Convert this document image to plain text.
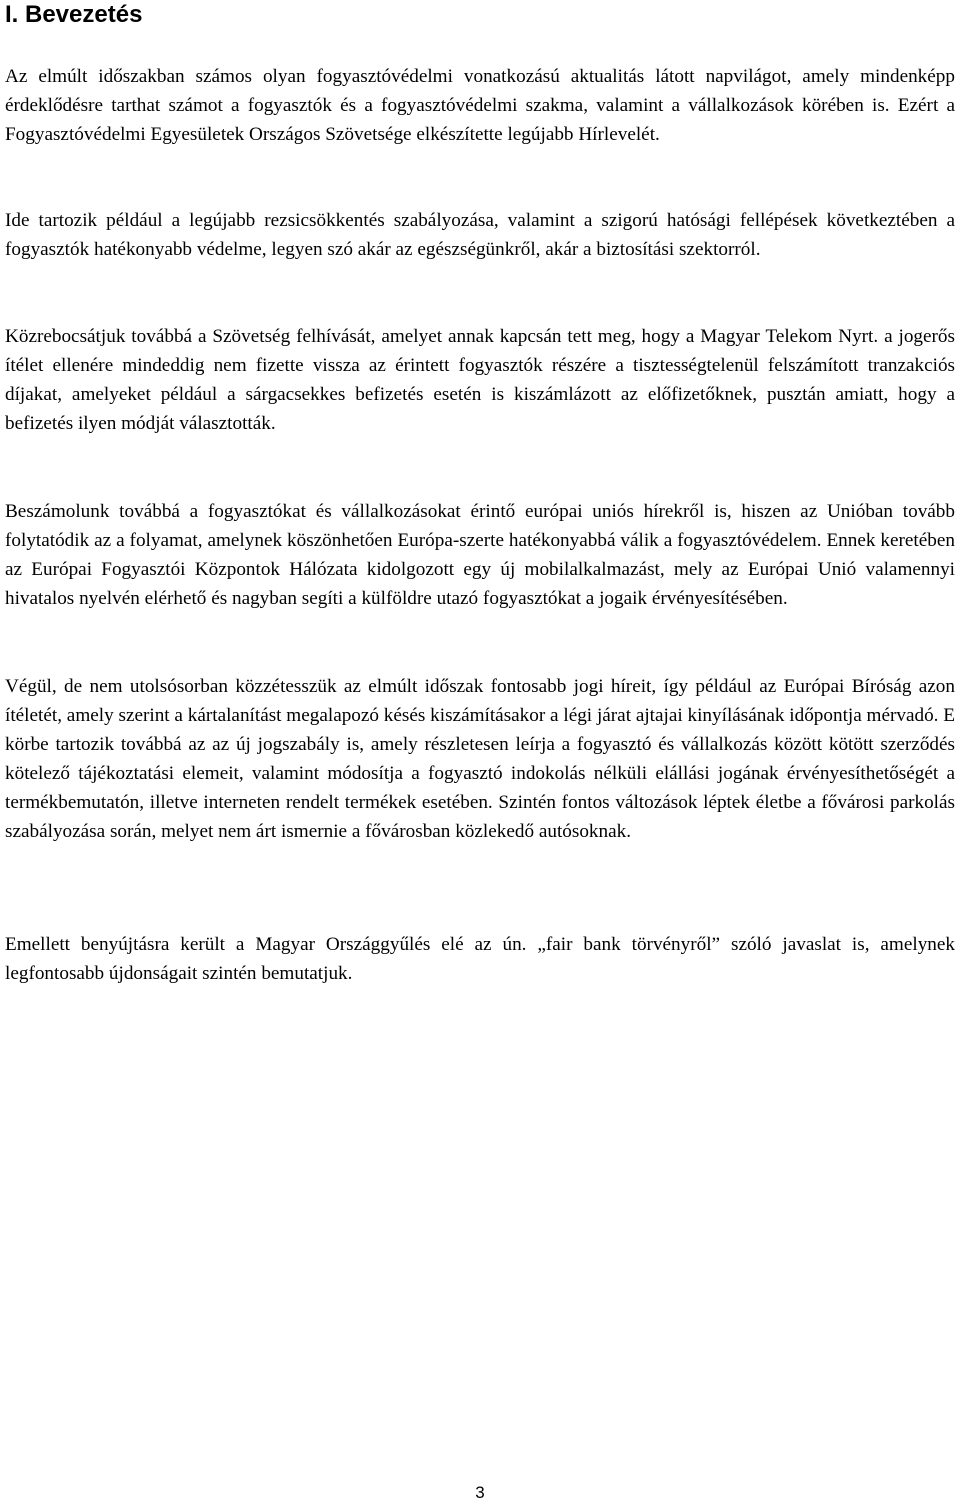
I. Bevezetés

Az elmúlt időszakban számos olyan fogyasztóvédelmi vonatkozású aktualitás látott napvilágot, amely mindenképp érdeklődésre tarthat számot a fogyasztók és a fogyasztóvédelmi szakma, valamint a vállalkozások körében is. Ezért a Fogyasztóvédelmi Egyesületek Országos Szövetsége elkészítette legújabb Hírlevelét.

Ide tartozik például a legújabb rezsicsökkentés szabályozása, valamint a szigorú hatósági fellépések következtében a fogyasztók hatékonyabb védelme, legyen szó akár az egészségünkről, akár a biztosítási szektorról.

Közrebocsátjuk továbbá a Szövetség felhívását, amelyet annak kapcsán tett meg, hogy a Magyar Telekom Nyrt. a jogerős ítélet ellenére mindeddig nem fizette vissza az érintett fogyasztók részére a tisztességtelenül felszámított tranzakciós díjakat, amelyeket például a sárgacsekkes befizetés esetén is kiszámlázott az előfizetőknek, pusztán amiatt, hogy a befizetés ilyen módját választották.

Beszámolunk továbbá a fogyasztókat és vállalkozásokat érintő európai uniós hírekről is, hiszen az Unióban tovább folytatódik az a folyamat, amelynek köszönhetően Európa-szerte hatékonyabbá válik a fogyasztóvédelem. Ennek keretében az Európai Fogyasztói Központok Hálózata kidolgozott egy új mobilalkalmazást, mely az Európai Unió valamennyi hivatalos nyelvén elérhető és nagyban segíti a külföldre utazó fogyasztókat a jogaik érvényesítésében.

Végül, de nem utolsósorban közzétesszük az elmúlt időszak fontosabb jogi híreit, így például az Európai Bíróság azon ítéletét, amely szerint a kártalanítást megalapozó késés kiszámításakor a légi járat ajtajai kinyílásának időpontja mérvadó. E körbe tartozik továbbá az az új jogszabály is, amely részletesen leírja a fogyasztó és vállalkozás között kötött szerződés kötelező tájékoztatási elemeit, valamint módosítja a fogyasztó indokolás nélküli elállási jogának érvényesíthetőségét a termékbemutatón, illetve interneten rendelt termékek esetében. Szintén fontos változások léptek életbe a fővárosi parkolás szabályozása során, melyet nem árt ismernie a fővárosban közlekedő autósoknak.

Emellett benyújtásra került a Magyar Országgyűlés elé az ún. „fair bank törvényről” szóló javaslat is, amelynek legfontosabb újdonságait szintén bemutatjuk.

3
